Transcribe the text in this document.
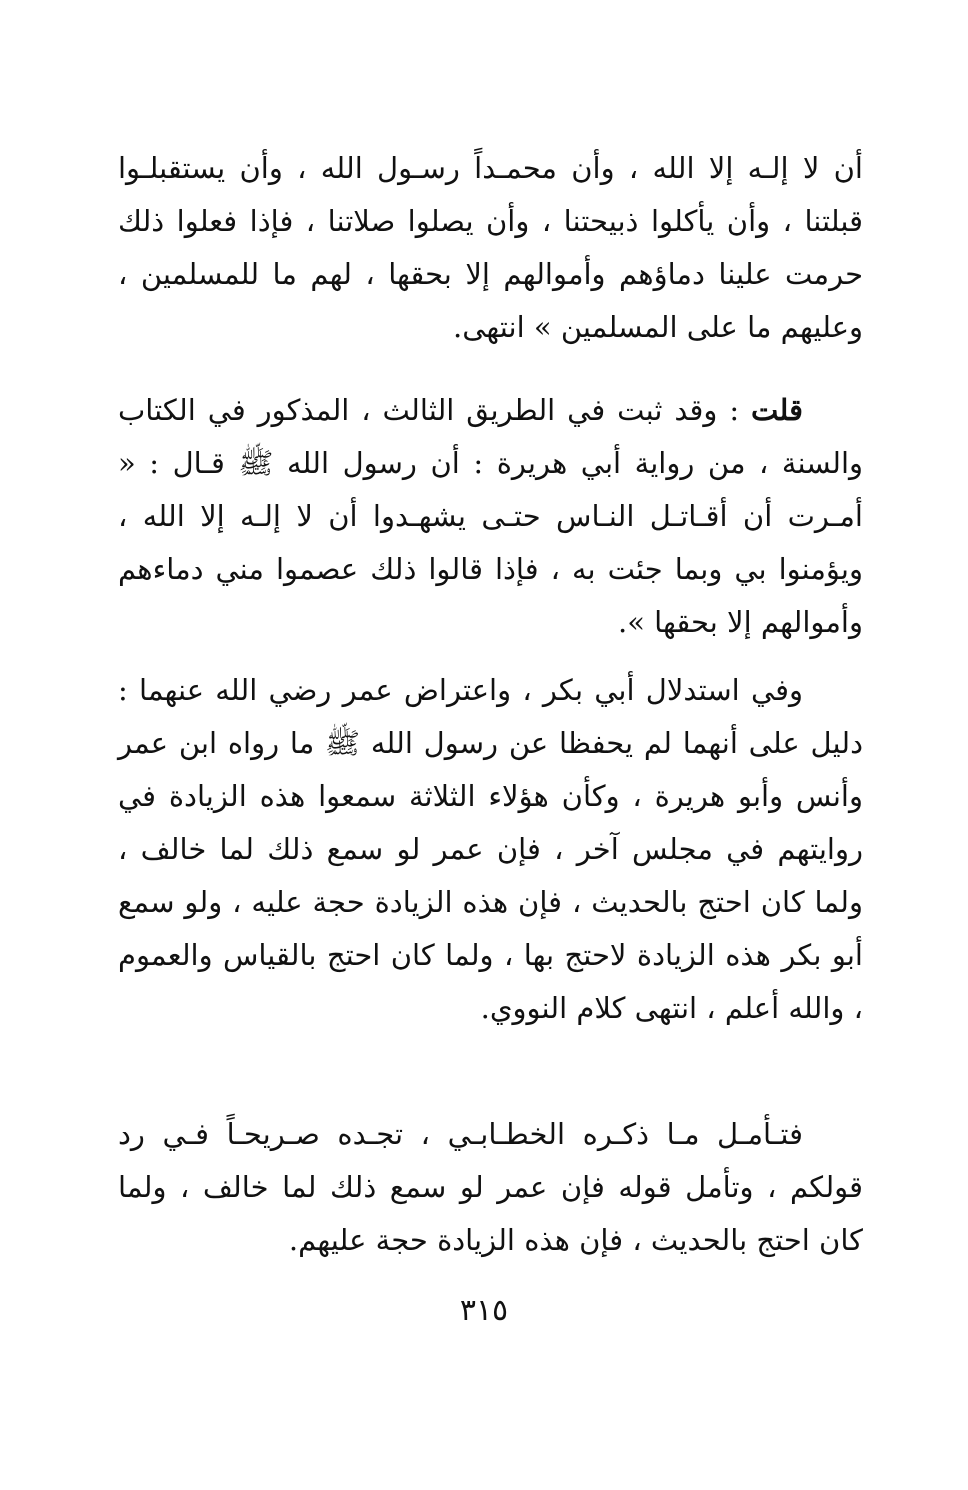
أن لا إلـه إلا الله ، وأن محمـداً رسـول الله ، وأن يستقبلـوا قبلتنا ، وأن يأكلوا ذبيحتنا ، وأن يصلوا صلاتنا ، فإذا فعلوا ذلك حرمت علينا دماؤهم وأموالهم إلا بحقها ، لهم ما للمسلمين ، وعليهم ما على المسلمين » انتهى.

قلت : وقد ثبت في الطريق الثالث ، المذكور في الكتاب والسنة ، من رواية أبي هريرة : أن رسول الله ﷺ قـال : « أمـرت أن أقـاتـل النـاس حتـى يشهـدوا أن لا إلـه إلا الله ، ويؤمنوا بي وبما جئت به ، فإذا قالوا ذلك عصموا مني دماءهم وأموالهم إلا بحقها ».

وفي استدلال أبي بكر ، واعتراض عمر رضي الله عنهما : دليل على أنهما لم يحفظا عن رسول الله ﷺ ما رواه ابن عمر وأنس وأبو هريرة ، وكأن هؤلاء الثلاثة سمعوا هذه الزيادة في روايتهم في مجلس آخر ، فإن عمر لو سمع ذلك لما خالف ، ولما كان احتج بالحديث ، فإن هذه الزيادة حجة عليه ، ولو سمع أبو بكر هذه الزيادة لاحتج بها ، ولما كان احتج بالقياس والعموم ، والله أعلم ، انتهى كلام النووي.

فتـأمـل مـا ذكـره الخطـابـي ، تجـده صـريحـاً فـي رد قولكم ، وتأمل قوله فإن عمر لو سمع ذلك لما خالف ، ولما كان احتج بالحديث ، فإن هذه الزيادة حجة عليهم.

٣١٥
